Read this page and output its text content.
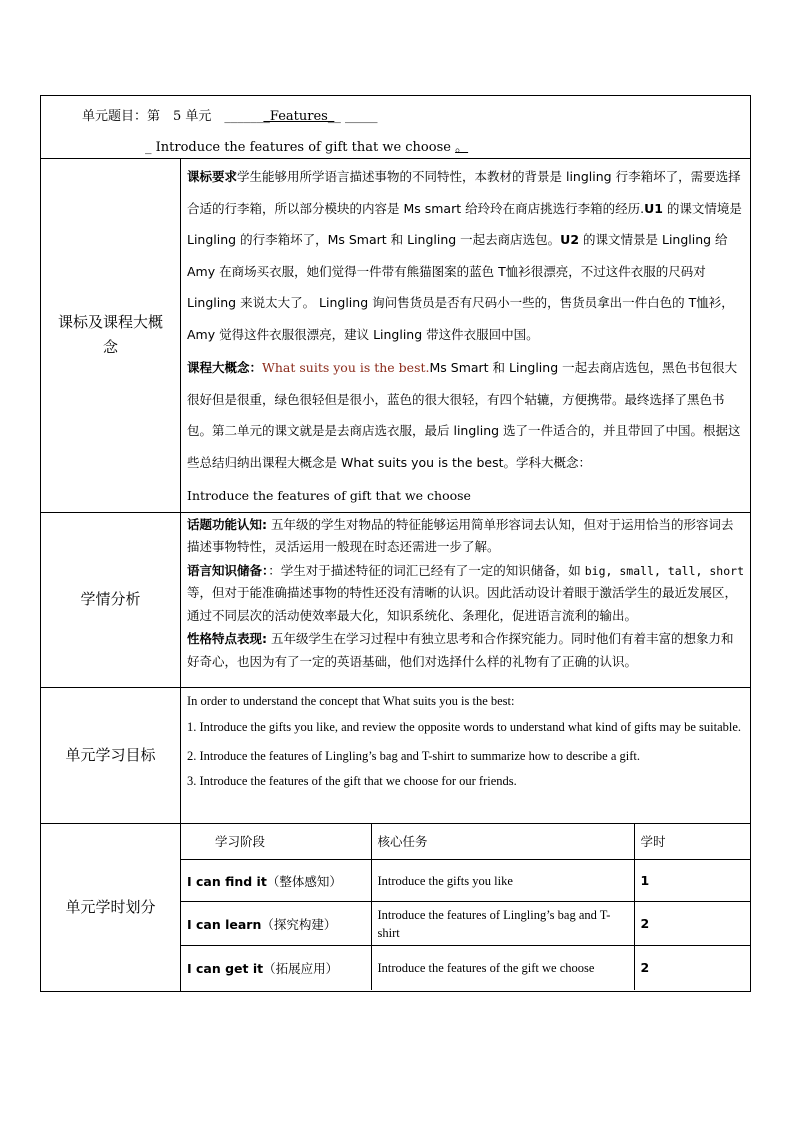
单元题目：第　5 单元　_______Features__ _____
_ Introduce the features of gift that we choose 。

课标及课程大概念	
课标要求学生能够用所学语言描述事物的不同特性，本教材的背景是 lingling 行李箱坏了，需要选择合适的行李箱，所以部分模块的内容是 Ms smart 给玲玲在商店挑选行李箱的经历.U1 的课文情境是 Lingling 的行李箱坏了，Ms Smart 和 Lingling 一起去商店选包。U2 的课文情景是 Lingling 给 Amy 在商场买衣服，她们觉得一件带有熊猫图案的蓝色 T恤衫很漂亮，不过这件衣服的尺码对 Lingling 来说太大了。 Lingling 询问售货员是否有尺码小一些的，售货员拿出一件白色的 T恤衫，Amy 觉得这件衣服很漂亮，建议 Lingling 带这件衣服回中国。
课程大概念：What suits you is the best.Ms Smart 和 Lingling 一起去商店选包，黑色书包很大很好但是很重，绿色很轻但是很小，蓝色的很大很轻，有四个轱辘，方便携带。最终选择了黑色书包。第二单元的课文就是是去商店选衣服，最后 lingling 选了一件适合的，并且带回了中国。根据这些总结归纳出课程大概念是 What suits you is the best。学科大概念：
Introduce the features of gift that we choose

学情分析	
话题功能认知: 五年级的学生对物品的特征能够运用简单形容词去认知，但对于运用恰当的形容词去描述事物特性，灵活运用一般现在时态还需进一步了解。
语言知识储备：：学生对于描述特征的词汇已经有了一定的知识储备，如 big, small, tall, short 等，但对于能准确描述事物的特性还没有清晰的认识。因此活动设计着眼于激活学生的最近发展区，通过不同层次的活动使效率最大化，知识系统化、条理化，促进语言流利的输出。
性格特点表现: 五年级学生在学习过程中有独立思考和合作探究能力。同时他们有着丰富的想象力和好奇心，也因为有了一定的英语基础，他们对选择什么样的礼物有了正确的认识。

单元学习目标	

In order to understand the concept that What suits you is the best:

1. Introduce the gifts you like, and review the opposite words to understand what kind of gifts may be suitable.

2. Introduce the features of Lingling’s bag and T-shirt to summarize how to describe a gift.

3. Introduce the features of the gift that we choose for our friends.

单元学时划分	
学习阶段	核心任务	学时
I can find it（整体感知）	Introduce the gifts you like	1
I can learn（探究构建）	Introduce the features of Lingling’s bag and T-shirt	2
I can get it（拓展应用）	Introduce the features of the gift we choose	2
